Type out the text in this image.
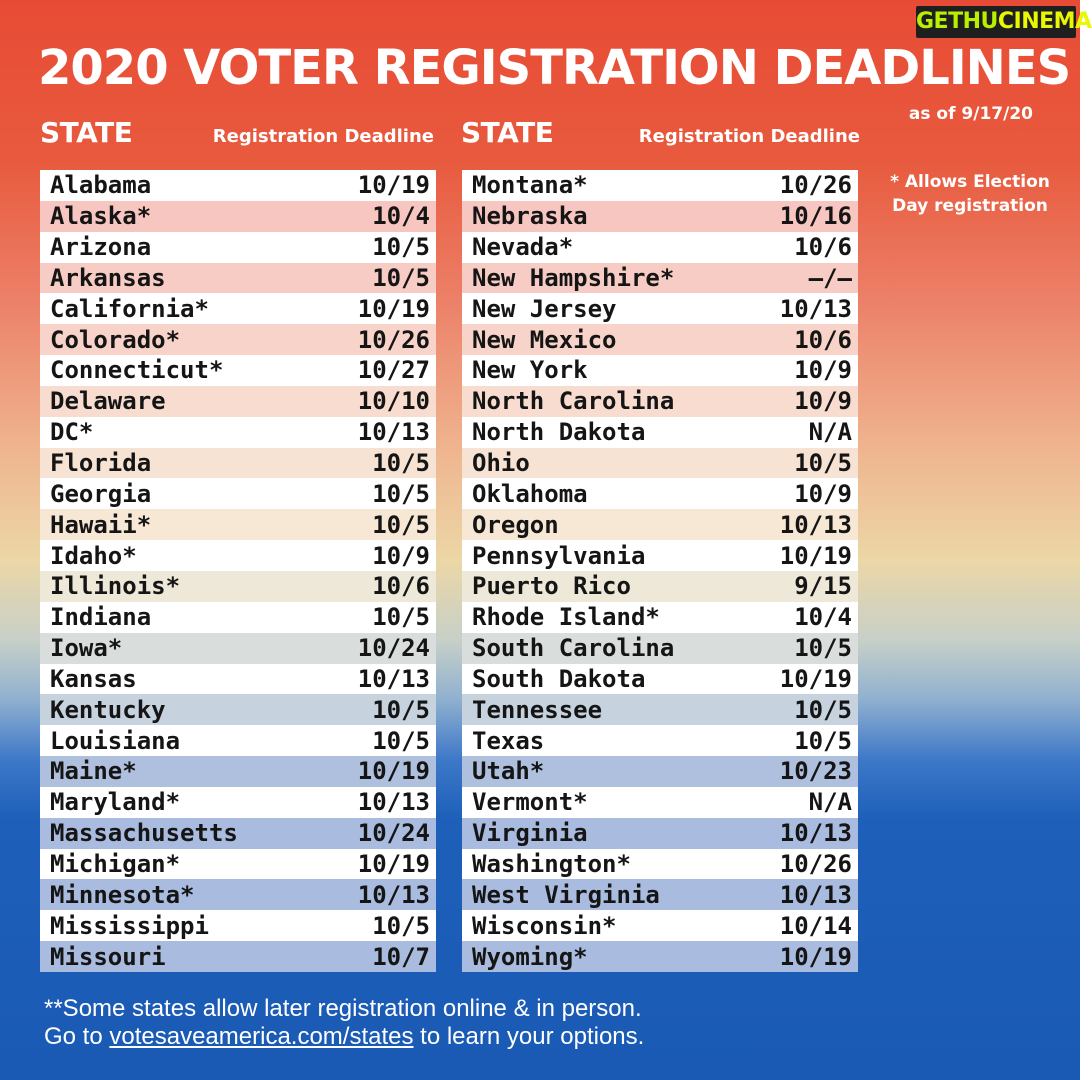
GETHUCINEMA
2020 VOTER REGISTRATION DEADLINES
as of 9/17/20
* Allows Election Day registration
STATE	Registration Deadline STATE	Registration Deadline
Alabama	10/19
Alaska*	10/4
Arizona	10/5
Arkansas	10/5
California*	10/19
Colorado*	10/26
Connecticut*	10/27
Delaware	10/10
DC*	10/13
Florida	10/5
Georgia	10/5
Hawaii*	10/5
Idaho*	10/9
Illinois*	10/6
Indiana	10/5
Iowa*	10/24
Kansas	10/13
Kentucky	10/5
Louisiana	10/5
Maine*	10/19
Maryland*	10/13
Massachusetts	10/24
Michigan*	10/19
Minnesota*	10/13
Mississippi	10/5
Missouri	10/7
Montana*	10/26
Nebraska	10/16
Nevada*	10/6
New Hampshire*	–/–
New Jersey	10/13
New Mexico	10/6
New York	10/9
North Carolina	10/9
North Dakota	N/A
Ohio	10/5
Oklahoma	10/9
Oregon	10/13
Pennsylvania	10/19
Puerto Rico	9/15
Rhode Island*	10/4
South Carolina	10/5
South Dakota	10/19
Tennessee	10/5
Texas	10/5
Utah*	10/23
Vermont*	N/A
Virginia	10/13
Washington*	10/26
West Virginia	10/13
Wisconsin*	10/14
Wyoming*	10/19
**Some states allow later registration online & in person.
Go to votesaveamerica.com/states to learn your options.
